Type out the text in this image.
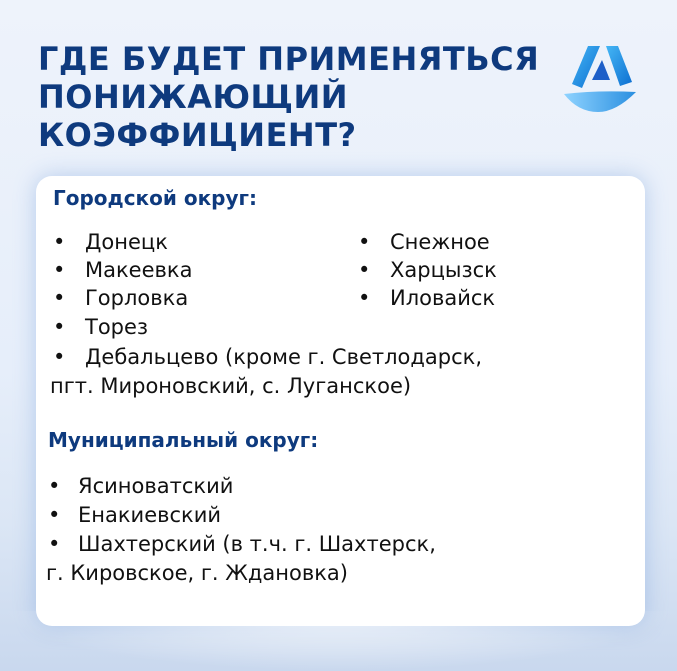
ГДЕ БУДЕТ ПРИМЕНЯТЬСЯ
ПОНИЖАЮЩИЙ
КОЭФФИЦИЕНТ?
Городской округ:
• Донецк
• Макеевка
• Горловка
• Торез
• Снежное
• Харцызск
• Иловайск
• Дебальцево (кроме г. Светлодарск,
пгт. Мироновский, с. Луганское)
Муниципальный округ:
• Ясиноватский
• Енакиевский
• Шахтерский (в т.ч. г. Шахтерск,
г. Кировское, г. Ждановка)
